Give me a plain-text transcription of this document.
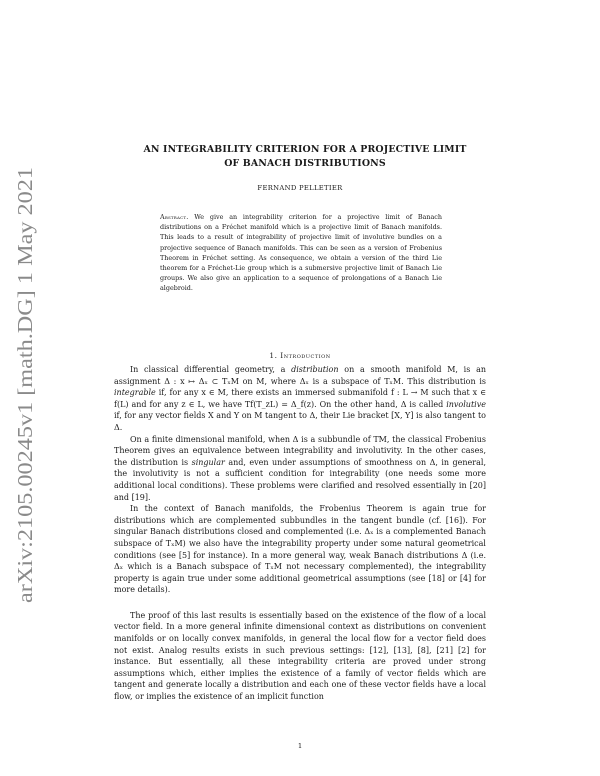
arXiv:2105.00245v1 [math.DG] 1 May 2021
AN INTEGRABILITY CRITERION FOR A PROJECTIVE LIMIT
OF BANACH DISTRIBUTIONS
FERNAND PELLETIER
Abstract. We give an integrability criterion for a projective limit of Banach distributions on a Fréchet manifold which is a projective limit of Banach manifolds. This leads to a result of integrability of projective limit of involutive bundles on a projective sequence of Banach manifolds. This can be seen as a version of Frobenius Theorem in Fréchet setting. As consequence, we obtain a version of the third Lie theorem for a Fréchet-Lie group which is a submersive projective limit of Banach Lie groups. We also give an application to a sequence of prolongations of a Banach Lie algebroid.
1. Introduction

In classical differential geometry, a distribution on a smooth manifold M, is an assignment Δ : x ↦ Δₓ ⊂ TₓM on M, where Δₓ is a subspace of TₓM. This distribution is integrable if, for any x ∈ M, there exists an immersed submanifold f : L → M such that x ∈ f(L) and for any z ∈ L, we have Tf(T_zL) = Δ_f(z). On the other hand, Δ is called involutive if, for any vector fields X and Y on M tangent to Δ, their Lie bracket [X, Y] is also tangent to Δ.

On a finite dimensional manifold, when Δ is a subbundle of TM, the classical Frobenius Theorem gives an equivalence between integrability and involutivity. In the other cases, the distribution is singular and, even under assumptions of smoothness on Δ, in general, the involutivity is not a sufficient condition for integrability (one needs some more additional local conditions). These problems were clarified and resolved essentially in [20] and [19].

In the context of Banach manifolds, the Frobenius Theorem is again true for distributions which are complemented subbundles in the tangent bundle (cf. [16]). For singular Banach distributions closed and complemented (i.e. Δₓ is a complemented Banach subspace of TₓM) we also have the integrability property under some natural geometrical conditions (see [5] for instance). In a more general way, weak Banach distributions Δ (i.e. Δₓ which is a Banach subspace of TₓM not necessary complemented), the integrability property is again true under some additional geometrical assumptions (see [18] or [4] for more details).

The proof of this last results is essentially based on the existence of the flow of a local vector field. In a more general infinite dimensional context as distributions on convenient manifolds or on locally convex manifolds, in general the local flow for a vector field does not exist. Analog results exists in such previous settings: [12], [13], [8], [21] [2] for instance. But essentially, all these integrability criteria are proved under strong assumptions which, either implies the existence of a family of vector fields which are tangent and generate locally a distribution and each one of these vector fields have a local flow, or implies the existence of an implicit function

1
